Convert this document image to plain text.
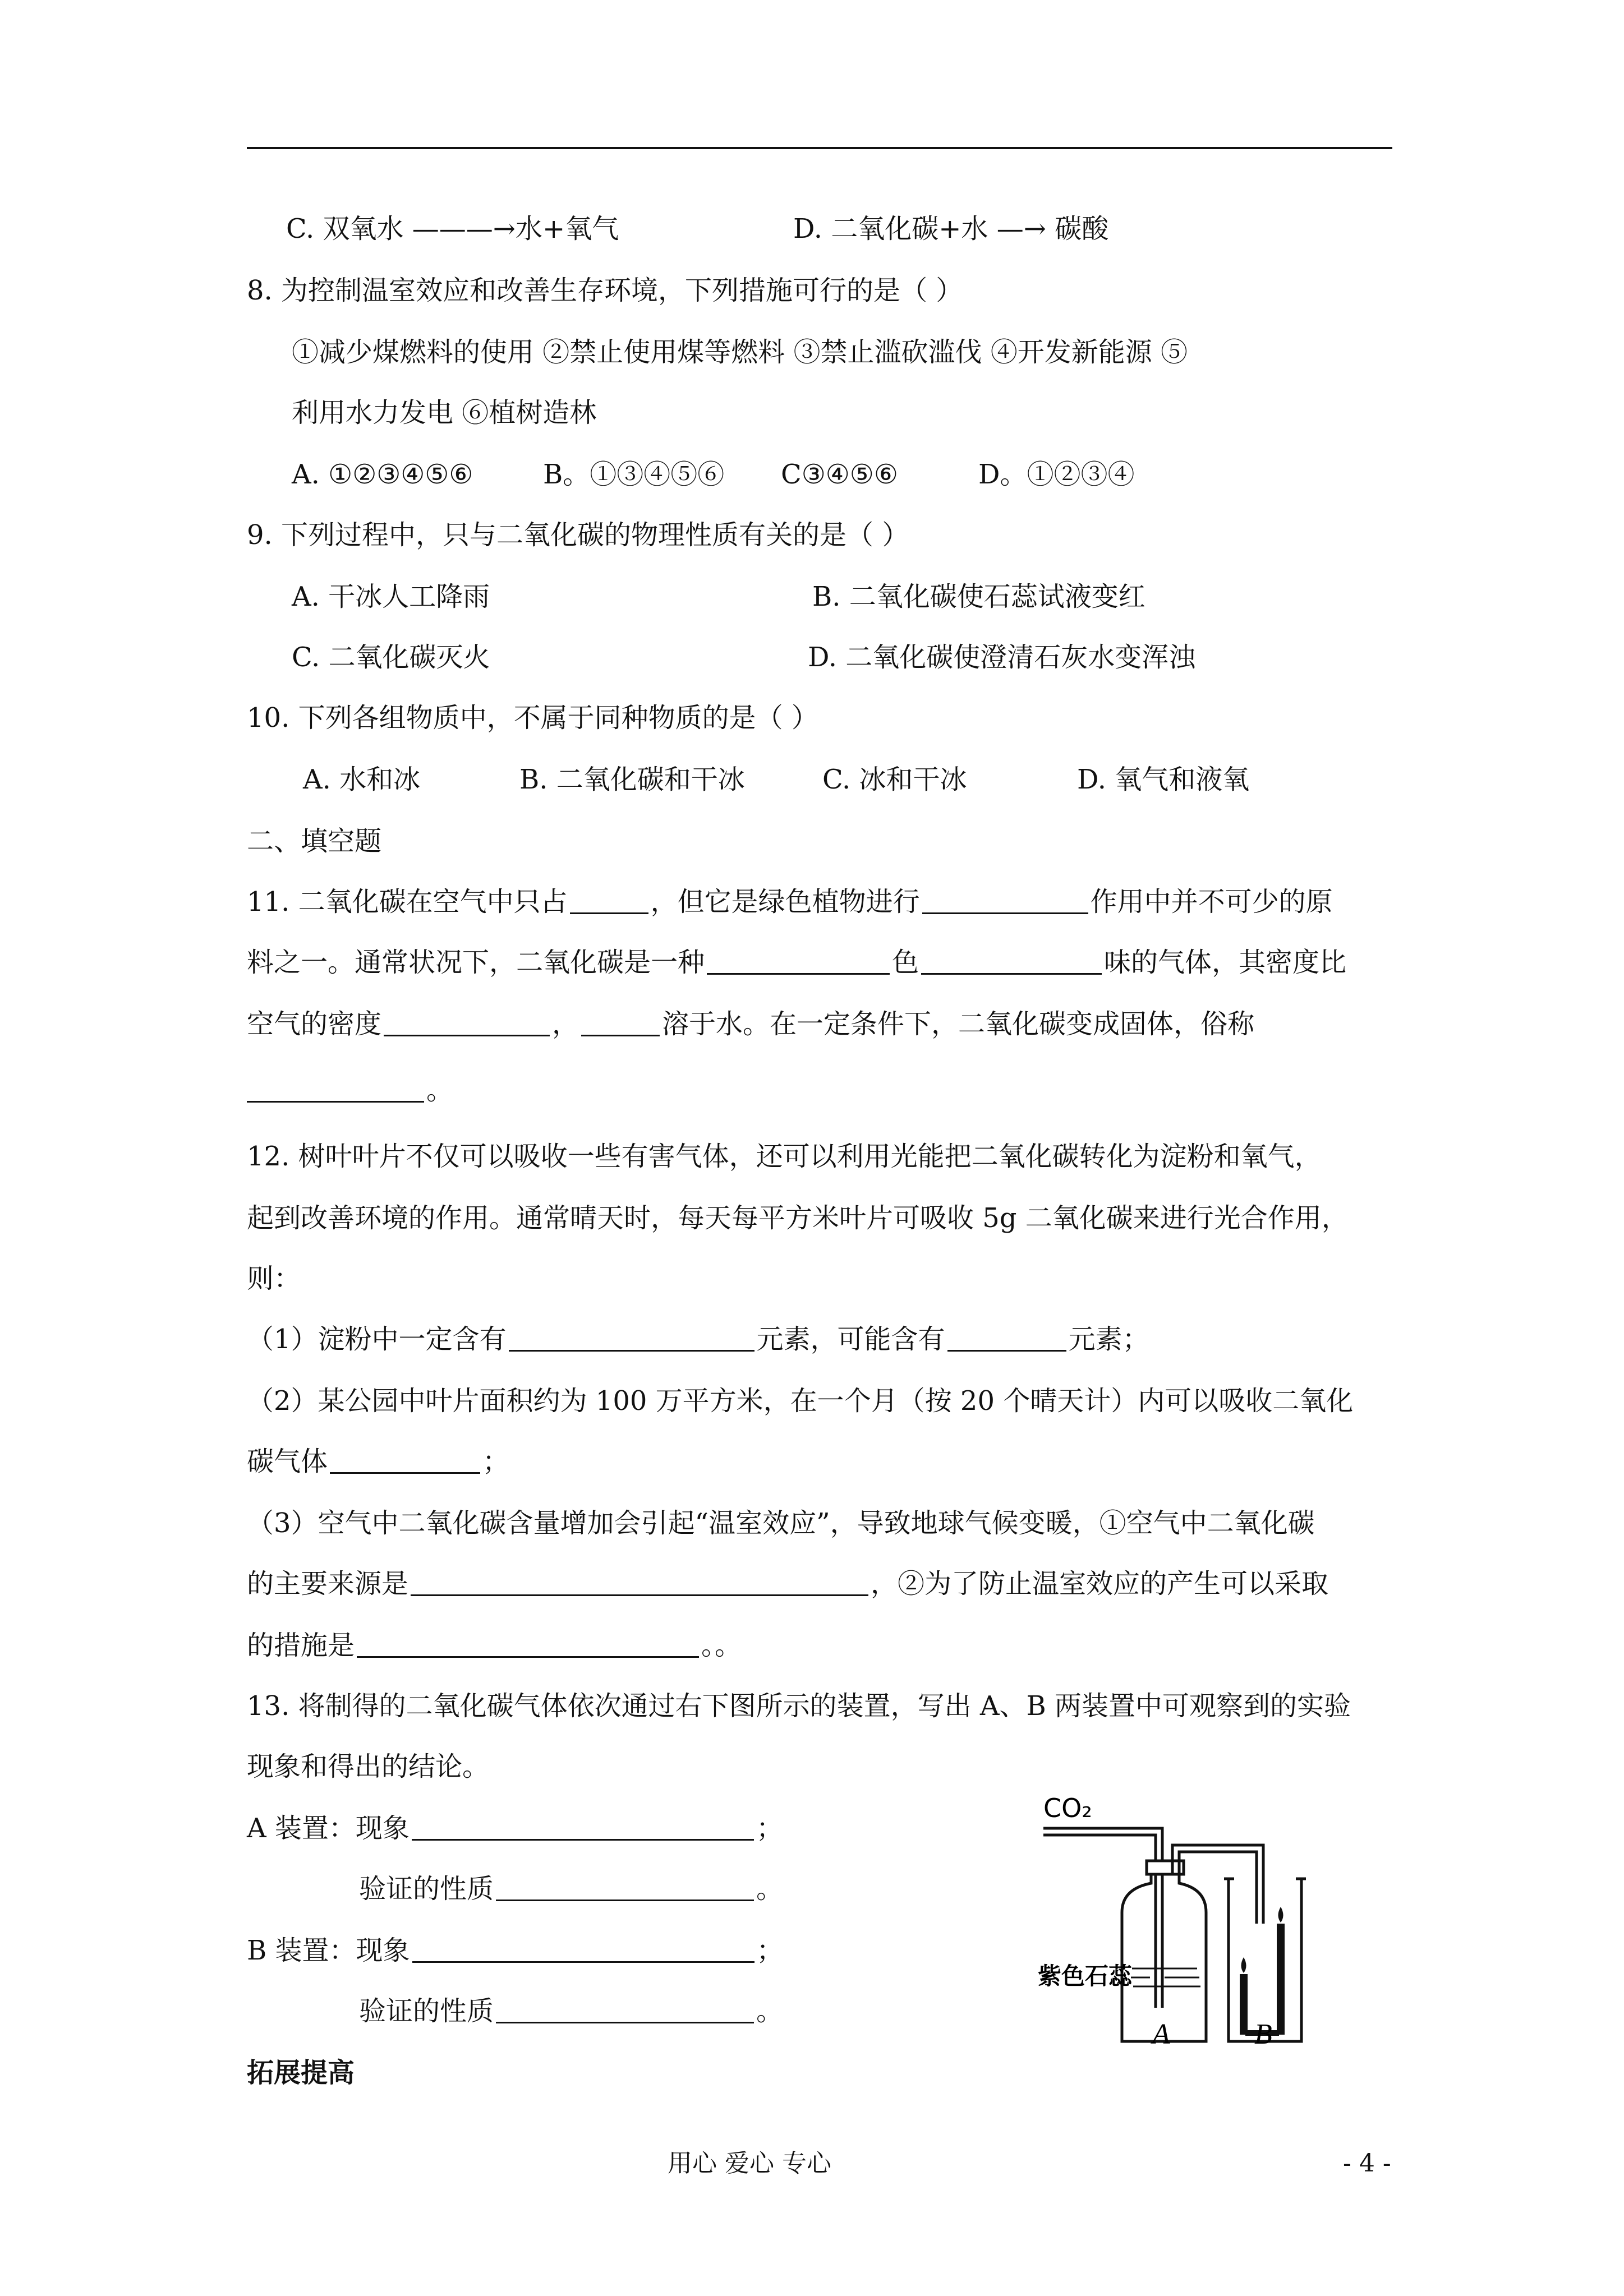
C. 双氧水 ———→水+氧气	D. 二氧化碳+水 —→ 碳酸
8. 为控制温室效应和改善生存环境，下列措施可行的是（ ）
①减少煤燃料的使用 ②禁止使用煤等燃料 ③禁止滥砍滥伐 ④开发新能源 ⑤
利用水力发电 ⑥植树造林
A. ①②③④⑤⑥	B。①③④⑤⑥ C③④⑤⑥	D。①②③④
9. 下列过程中，只与二氧化碳的物理性质有关的是（ ）
A. 干冰人工降雨	B. 二氧化碳使石蕊试液变红
C. 二氧化碳灭火	D. 二氧化碳使澄清石灰水变浑浊
10. 下列各组物质中，不属于同种物质的是（ ）
A. 水和冰	B. 二氧化碳和干冰	C. 冰和干冰	D. 氧气和液氧
二、填空题
11. 二氧化碳在空气中只占	，但它是绿色植物进行	作用中并不可少的原
料之一。通常状况下，二氧化碳是一种	色	味的气体，其密度比
空气的密度	，	溶于水。在一定条件下，二氧化碳变成固体，俗称
。
12. 树叶叶片不仅可以吸收一些有害气体，还可以利用光能把二氧化碳转化为淀粉和氧气，
起到改善环境的作用。通常晴天时，每天每平方米叶片可吸收 5g 二氧化碳来进行光合作用，
则：
（1）淀粉中一定含有	元素，可能含有	元素；
（2）某公园中叶片面积约为 100 万平方米，在一个月（按 20 个晴天计）内可以吸收二氧化
碳气体	；
（3）空气中二氧化碳含量增加会引起“温室效应”，导致地球气候变暖，①空气中二氧化碳
的主要来源是	，②为了防止温室效应的产生可以采取
的措施是	。。
13. 将制得的二氧化碳气体依次通过右下图所示的装置，写出 A、B 两装置中可观察到的实验
现象和得出的结论。
A 装置：现象	；
验证的性质	。
B 装置：现象	；
验证的性质	。
CO₂
紫色石蕊
A	B
拓展提高
用心 爱心 专心	- 4 -
